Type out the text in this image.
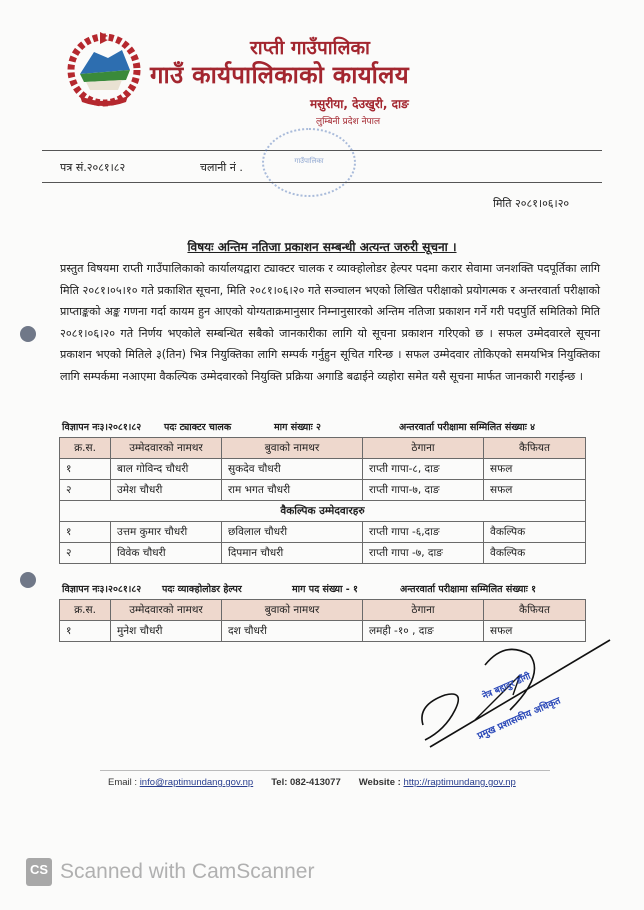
राप्ती गाउँपालिका
गाउँ कार्यपालिकाको कार्यालय
मसुरीया, देउखुरी, दाङ
लुम्बिनी प्रदेश नेपाल
पत्र सं.२०८१।८२	चलानी नं .	गाउँपालिका
मिति २०८१।०६।२०
विषयः अन्तिम नतिजा प्रकाशन सम्बन्धी अत्यन्त जरुरी सूचना ।
प्रस्तुत विषयमा राप्ती गाउँपालिकाको कार्यालयद्वारा ट्याक्टर चालक र व्याक्होलोडर हेल्पर पदमा करार सेवामा जनशक्ति पदपूर्तिका लागि मिति २०८१।०५।१० गते प्रकाशित सूचना, मिति २०८१।०६।२० गते सञ्चालन भएको लिखित परीक्षाको प्रयोगत्मक र अन्तरवार्ता परीक्षाको प्राप्ताङ्कको अङ्क गणना गर्दा कायम हुन आएको योग्यताक्रमानुसार निम्नानुसारको अन्तिम नतिजा प्रकाशन गर्ने गरी पदपुर्ति समितिको मिति २०८१।०६।२० गते निर्णय भएकोले सम्बन्धित सबैको जानकारीका लागि यो सूचना प्रकाशन गरिएको छ । सफल उम्मेदवारले सूचना प्रकाशन भएको मितिले ३(तिन) भित्र नियुक्तिका लागि सम्पर्क गर्नुहुन सूचित गरिन्छ । सफल उम्मेदवार तोकिएको समयभित्र नियुक्तिका लागि सम्पर्कमा नआएमा वैकल्पिक उम्मेदवारको नियुक्ति प्रक्रिया अगाडि बढाईने व्यहोरा समेत यसै सूचना मार्फत जानकारी गराईन्छ ।
विज्ञापन नः३।२०८१।८२	पदः ट्याक्टर चालक	माग संख्याः २	अन्तरवार्ता परीक्षामा सम्मिलित संख्याः ४
क्र.स.	उम्मेदवारको नामथर	बुवाको नामथर	ठेगाना	कैफियत
१	बाल गोविन्द चौधरी	सुकदेव चौधरी	राप्ती गापा-८, दाङ	सफल
२	उमेश चौधरी	राम भगत चौधरी	राप्ती गापा-७, दाङ	सफल
वैकल्पिक उम्मेदवारहरु				
१	उत्तम कुमार चौधरी	छविलाल चौधरी	राप्ती गापा -६,दाङ	वैकल्पिक
२	विवेक चौधरी	दिपमान चौधरी	राप्ती गापा -७, दाङ	वैकल्पिक
विज्ञापन नः३।२०८१।८२	पदः व्याक्होलोडर हेल्पर	माग पद संख्या - १	अन्तरवार्ता परीक्षामा सम्मिलित संख्याः १
क्र.स.	उम्मेदवारको नामथर	बुवाको नामथर	ठेगाना	कैफियत
१	मुनेश चौधरी	दश चौधरी	लमही -१० , दाङ	सफल
नेत्र बहादुर डाँगी
प्रमुख प्रशासकीय अधिकृत
Email : info@raptimundang.gov.np Tel: 082-413077 Website : http://raptimundang.gov.np
CS Scanned with CamScanner
